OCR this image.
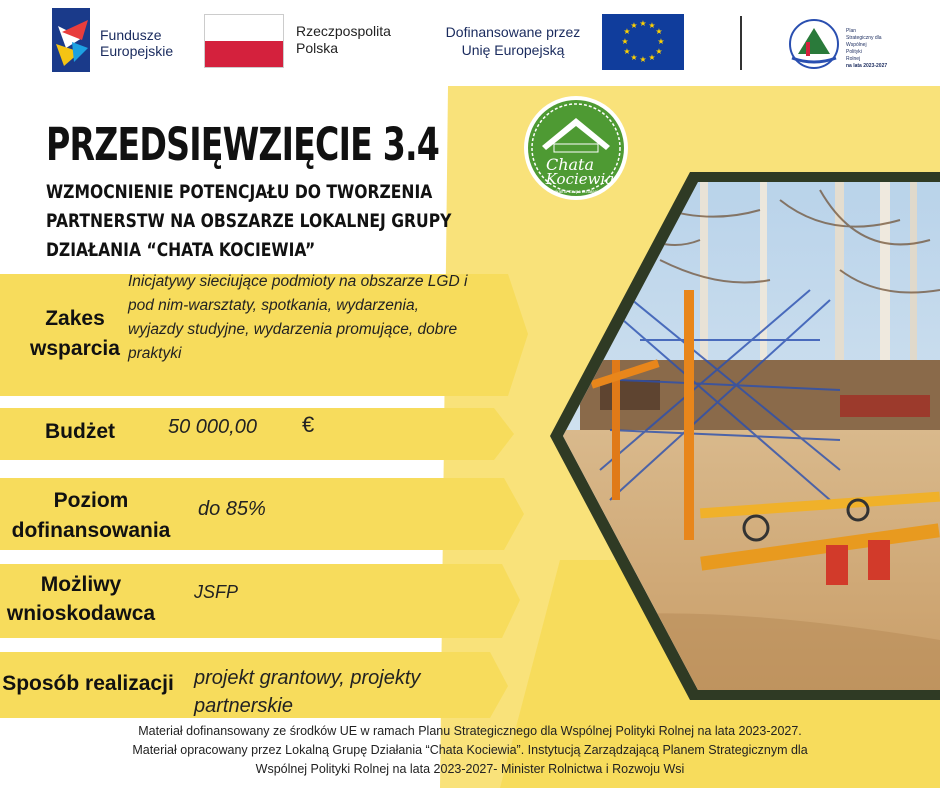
Fundusze
Europejskie
Rzeczpospolita
Polska
Dofinansowane przez
Unię Europejską
★ ★
★
★
★
★
★
★
★
★
★
★
Plan
Strategiczny dla
Wspólnej
Polityki
Rolnej
na lata 2023-2027
Chata
Kociewia
Lokalna Grupa Działania
PRZEDSIĘWZIĘCIE 3.4
WZMOCNIENIE POTENCJAŁU DO TWORZENIA
PARTNERSTW NA OBSZARZE LOKALNEJ GRUPY
DZIAŁANIA “CHATA KOCIEWIA”
Zakes
wsparcia
Inicjatywy sieciujące podmioty na obszarze LGD i
pod nim-warsztaty, spotkania, wydarzenia,
wyjazdy studyjne, wydarzenia promujące, dobre
praktyki
Budżet	50 000,00 €
Poziom
dofinansowania
do 85%
Możliwy
wnioskodawca
JSFP
Sposób realizacji projekt grantowy, projekty
partnerskie
Materiał dofinansowany ze środków UE w ramach Planu Strategicznego dla Wspólnej Polityki Rolnej na lata 2023-2027.
Materiał opracowany przez Lokalną Grupę Działania “Chata Kociewia”. Instytucją Zarządzającą Planem Strategicznym dla
Wspólnej Polityki Rolnej na lata 2023-2027- Minister Rolnictwa i Rozwoju Wsi
